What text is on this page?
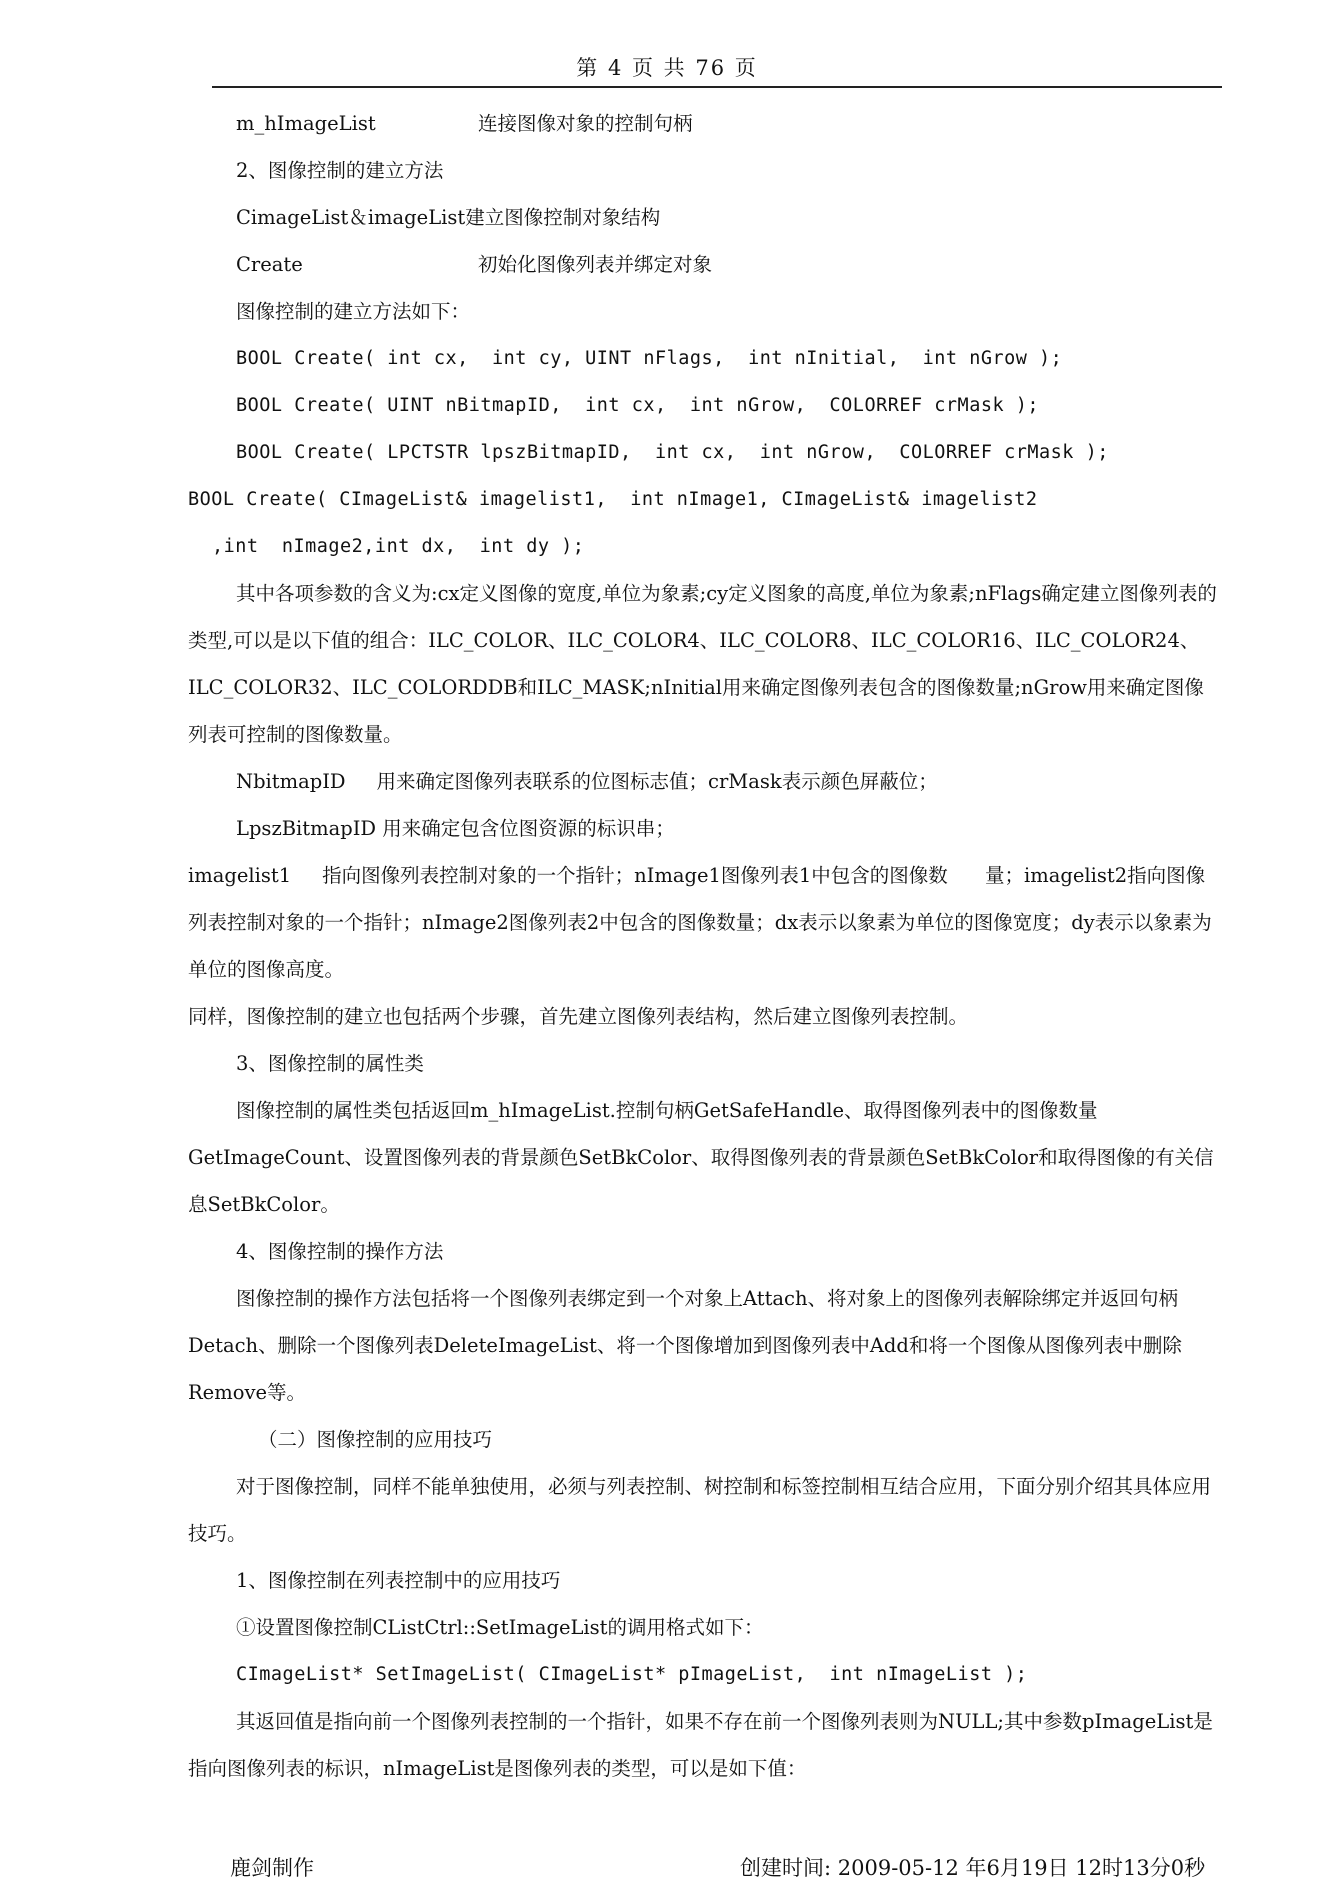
第 4 页 共 76 页
m_hImageList	连接图像对象的控制句柄

2、图像控制的建立方法

CimageList＆imageList建立图像控制对象结构

Create	初始化图像列表并绑定对象

图像控制的建立方法如下：

BOOL Create( int cx,  int cy, UINT nFlags,  int nInitial,  int nGrow );

BOOL Create( UINT nBitmapID,  int cx,  int nGrow,  COLORREF crMask );

BOOL Create( LPCTSTR lpszBitmapID,  int cx,  int nGrow,  COLORREF crMask );

BOOL Create( CImageList& imagelist1,  int nImage1, CImageList& imagelist2

,int  nImage2,int dx,  int dy );

其中各项参数的含义为:cx定义图像的宽度,单位为象素;cy定义图象的高度,单位为象素;nFlags确定建立图像列表的类型,可以是以下值的组合：ILC_COLOR、ILC_COLOR4、ILC_COLOR8、ILC_COLOR16、ILC_COLOR24、ILC_COLOR32、ILC_COLORDDB和ILC_MASK;nInitial用来确定图像列表包含的图像数量;nGrow用来确定图像列表可控制的图像数量。

NbitmapID     用来确定图像列表联系的位图标志值；crMask表示颜色屏蔽位；

LpszBitmapID 用来确定包含位图资源的标识串；

imagelist1     指向图像列表控制对象的一个指针；nImage1图像列表1中包含的图像数      量；imagelist2指向图像列表控制对象的一个指针；nImage2图像列表2中包含的图像数量；dx表示以象素为单位的图像宽度；dy表示以象素为单位的图像高度。

同样，图像控制的建立也包括两个步骤，首先建立图像列表结构，然后建立图像列表控制。

3、图像控制的属性类

图像控制的属性类包括返回m_hImageList.控制句柄GetSafeHandle、取得图像列表中的图像数量GetImageCount、设置图像列表的背景颜色SetBkColor、取得图像列表的背景颜色SetBkColor和取得图像的有关信息SetBkColor。

4、图像控制的操作方法

图像控制的操作方法包括将一个图像列表绑定到一个对象上Attach、将对象上的图像列表解除绑定并返回句柄Detach、删除一个图像列表DeleteImageList、将一个图像增加到图像列表中Add和将一个图像从图像列表中删除Remove等。

（二）图像控制的应用技巧

对于图像控制，同样不能单独使用，必须与列表控制、树控制和标签控制相互结合应用，下面分别介绍其具体应用技巧。

1、图像控制在列表控制中的应用技巧

①设置图像控制CListCtrl::SetImageList的调用格式如下：

CImageList* SetImageList( CImageList* pImageList,  int nImageList );

其返回值是指向前一个图像列表控制的一个指针，如果不存在前一个图像列表则为NULL;其中参数pImageList是指向图像列表的标识，nImageList是图像列表的类型，可以是如下值：

鹿剑制作	创建时间: 2009-05-12 年6月19日 12时13分0秒
